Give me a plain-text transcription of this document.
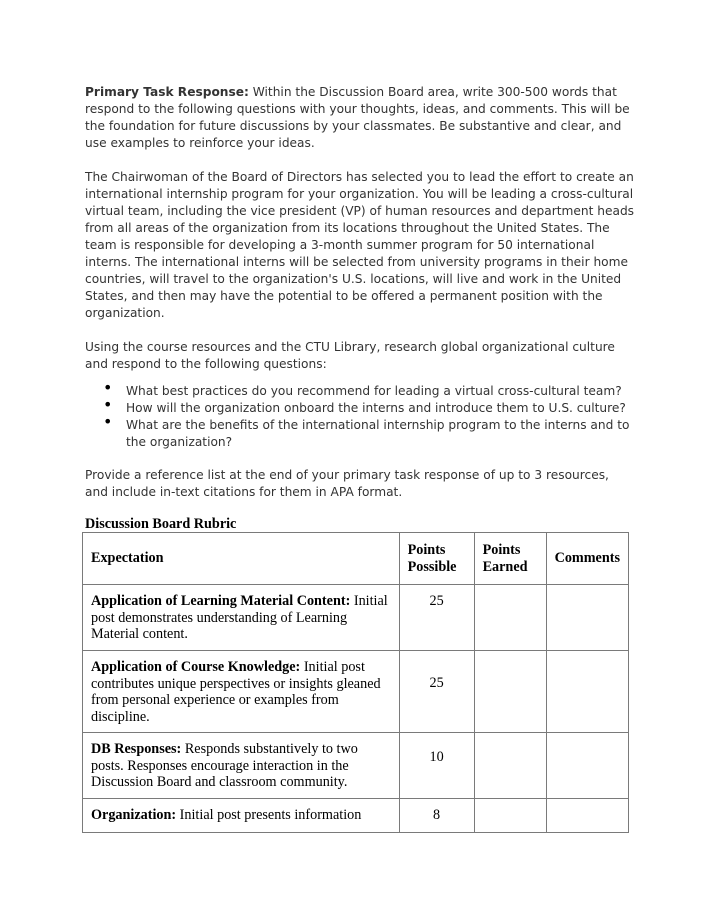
Primary Task Response: Within the Discussion Board area, write 300-500 words that respond to the following questions with your thoughts, ideas, and comments. This will be the foundation for future discussions by your classmates. Be substantive and clear, and use examples to reinforce your ideas.

The Chairwoman of the Board of Directors has selected you to lead the effort to create an international internship program for your organization. You will be leading a cross-cultural virtual team, including the vice president (VP) of human resources and department heads from all areas of the organization from its locations throughout the United States. The team is responsible for developing a 3-month summer program for 50 international interns. The international interns will be selected from university programs in their home countries, will travel to the organization's U.S. locations, will live and work in the United States, and then may have the potential to be offered a permanent position with the organization.

Using the course resources and the CTU Library, research global organizational culture and respond to the following questions:

• What best practices do you recommend for leading a virtual cross-cultural team?
• How will the organization onboard the interns and introduce them to U.S. culture?
• What are the benefits of the international internship program to the interns and to the organization?

Provide a reference list at the end of your primary task response of up to 3 resources, and include in-text citations for them in APA format.

Discussion Board Rubric

Expectation	Points Possible	Points Earned	Comments
Application of Learning Material Content: Initial post demonstrates understanding of Learning Material content.	25		
Application of Course Knowledge: Initial post contributes unique perspectives or insights gleaned from personal experience or examples from discipline.	25		
DB Responses: Responds substantively to two posts. Responses encourage interaction in the Discussion Board and classroom community.	10		
Organization: Initial post presents information	8		
